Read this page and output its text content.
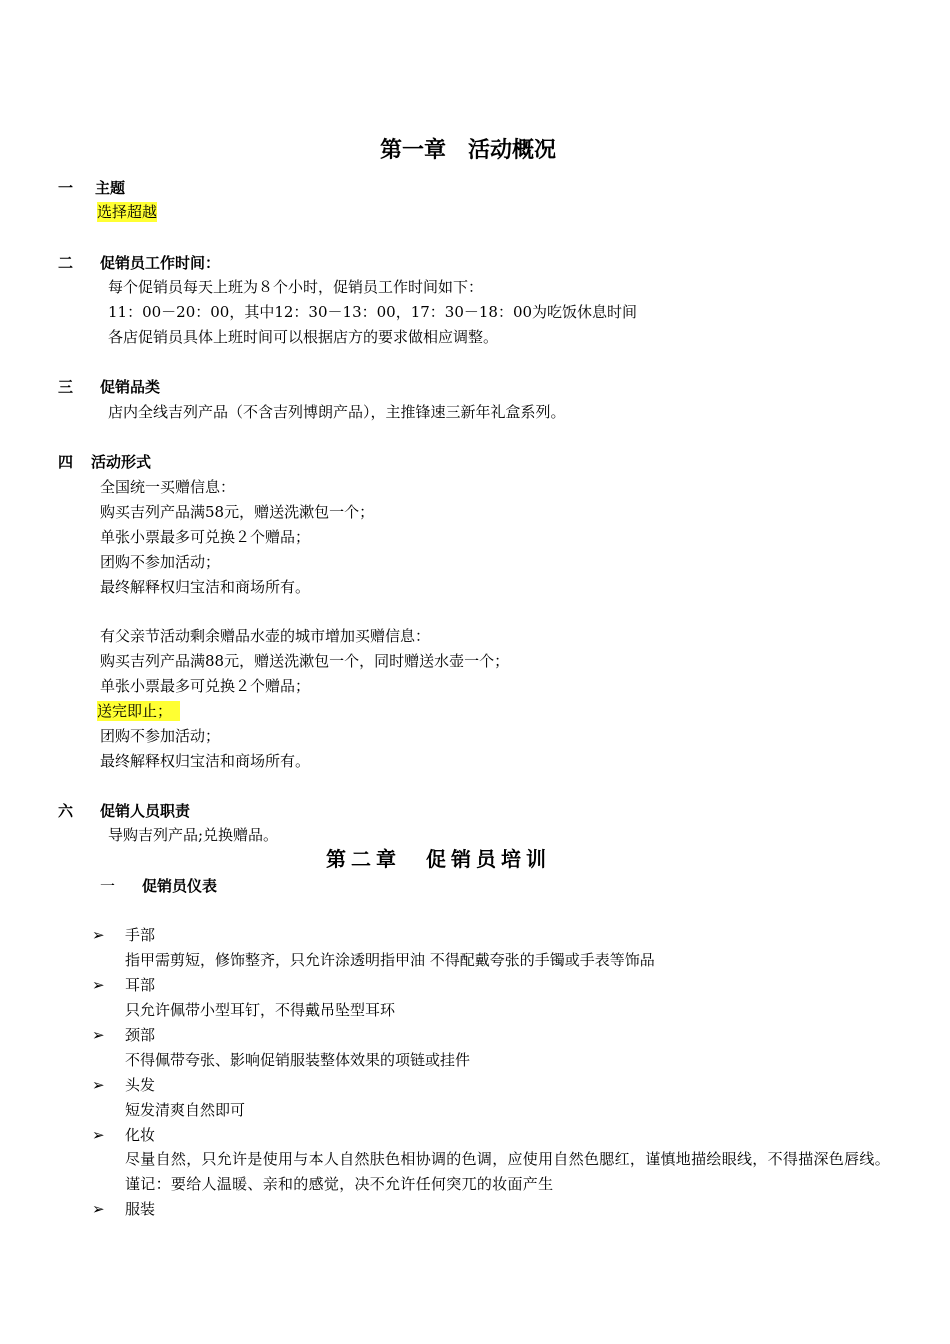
第一章　活动概况
一 主题
选择超越
二 促销员工作时间：
每个促销员每天上班为８个小时，促销员工作时间如下：
11：00－20：00，其中12：30－13：00，17：30－18：00为吃饭休息时间
各店促销员具体上班时间可以根据店方的要求做相应调整。
三 促销品类
店内全线吉列产品（不含吉列博朗产品），主推锋速三新年礼盒系列。
四 活动形式
全国统一买赠信息：
购买吉列产品满58元，赠送洗漱包一个；
单张小票最多可兑换２个赠品；
团购不参加活动；
最终解释权归宝洁和商场所有。
有父亲节活动剩余赠品水壶的城市增加买赠信息：
购买吉列产品满88元，赠送洗漱包一个，同时赠送水壶一个；
单张小票最多可兑换２个赠品；
送完即止；
团购不参加活动；
最终解释权归宝洁和商场所有。
六 促销人员职责
导购吉列产品;兑换赠品。
第二章　促销员培训
一 促销员仪表
➢ 手部
指甲需剪短，修饰整齐，只允许涂透明指甲油 不得配戴夸张的手镯或手表等饰品
➢ 耳部
只允许佩带小型耳钉，不得戴吊坠型耳环
➢ 颈部
不得佩带夸张、影响促销服装整体效果的项链或挂件
➢ 头发
短发清爽自然即可
➢ 化妆
尽量自然，只允许是使用与本人自然肤色相协调的色调，应使用自然色腮红，谨慎地描绘眼线，不得描深色唇线。谨记：要给人温暖、亲和的感觉，决不允许任何突兀的妆面产生
➢ 服装
